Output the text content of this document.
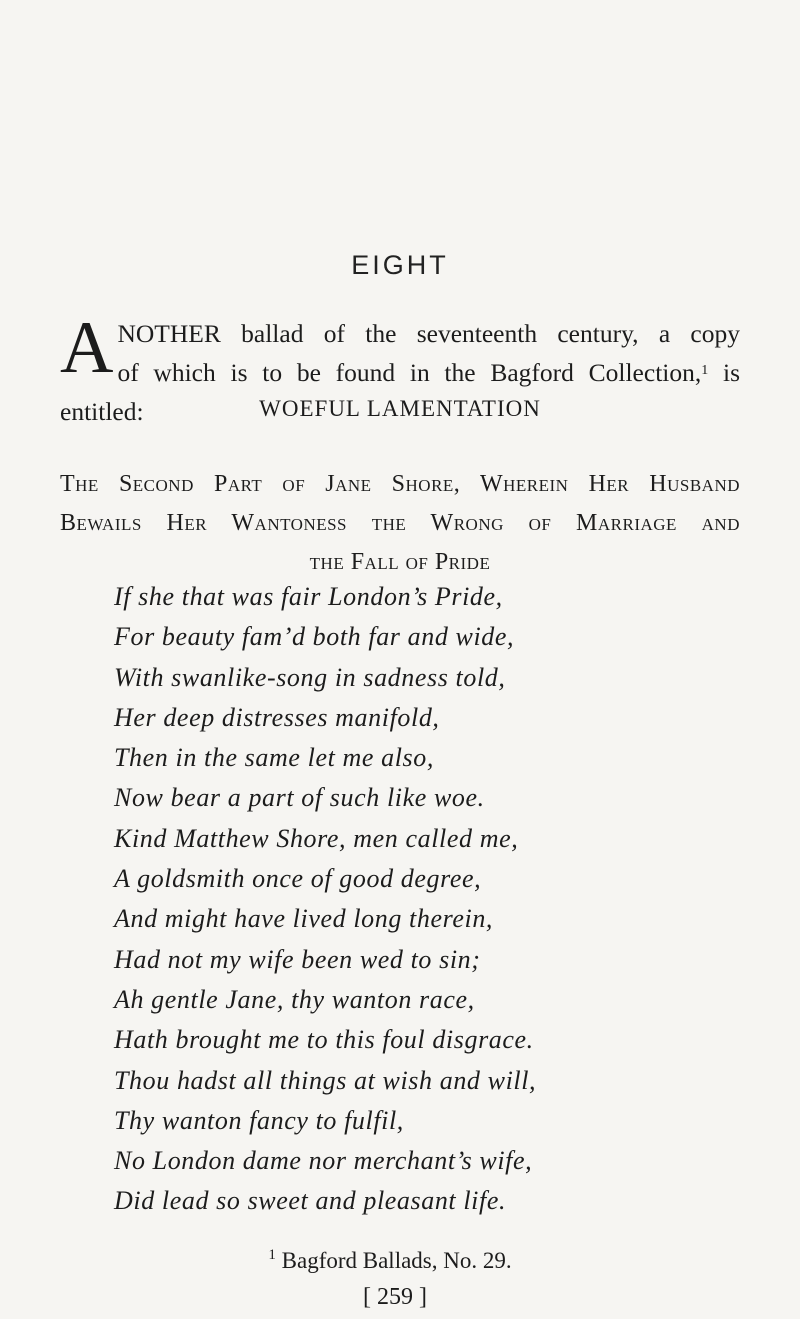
EIGHT
A NOTHER ballad of the seventeenth century, a copy
of which is to be found in the Bagford Collection,$^1$ is
entitled:	WOEFUL LAMENTATION
The Second Part of Jane Shore, Wherein Her Husband
Bewails Her Wantoness the Wrong of Marriage and
the Fall of Pride
If she that was fair London’s Pride,
For beauty fam’d both far and wide,
With swanlike-song in sadness told,
Her deep distresses manifold,
Then in the same let me also,
Now bear a part of such like woe.
Kind Matthew Shore, men called me,
A goldsmith once of good degree,
And might have lived long therein,
Had not my wife been wed to sin;
Ah gentle Jane, thy wanton race,
Hath brought me to this foul disgrace.
Thou hadst all things at wish and will,
Thy wanton fancy to fulfil,
No London dame nor merchant’s wife,
Did lead so sweet and pleasant life.
$^1$ Bagford Ballads, No. 29.
[ 259 ]
